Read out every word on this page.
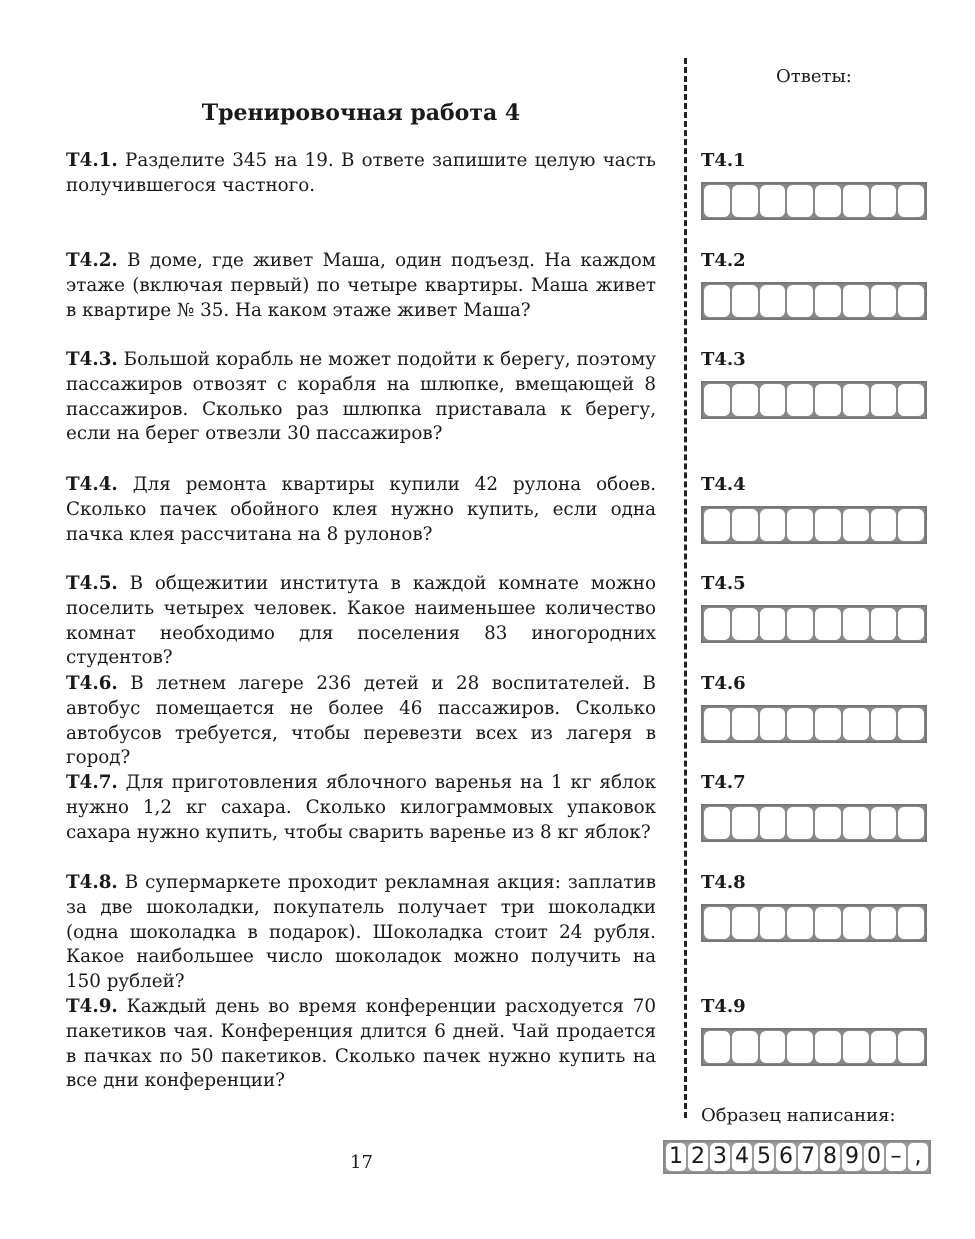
Тренировочная работа 4
T4.1. Разделите 345 на 19. В ответе запишите целую часть получившегося частного.
T4.2. В доме, где живет Маша, один подъезд. На каждом этаже (включая первый) по четыре квартиры. Маша живет в квартире № 35. На каком этаже живет Маша?
T4.3. Большой корабль не может подойти к берегу, поэтому пассажиров отвозят с корабля на шлюпке, вмещающей 8 пассажиров. Сколько раз шлюпка приставала к берегу, если на берег отвезли 30 пассажиров?
T4.4. Для ремонта квартиры купили 42 рулона обоев. Сколько пачек обойного клея нужно купить, если одна пачка клея рассчитана на 8 рулонов?
T4.5. В общежитии института в каждой комнате можно поселить четырех человек. Какое наименьшее количество комнат необходимо для поселения 83 иногородних студентов?
T4.6. В летнем лагере 236 детей и 28 воспитателей. В автобус помещается не более 46 пассажиров. Сколько автобусов требуется, чтобы перевезти всех из лагеря в город?
T4.7. Для приготовления яблочного варенья на 1 кг яблок нужно 1,2 кг сахара. Сколько килограммовых упаковок сахара нужно купить, чтобы сварить варенье из 8 кг яблок?
T4.8. В супермаркете проходит рекламная акция: заплатив за две шоколадки, покупатель получает три шоколадки (одна шоколадка в подарок). Шоколадка стоит 24 рубля. Какое наибольшее число шоколадок можно получить на 150 рублей?
T4.9. Каждый день во время конференции расходуется 70 пакетиков чая. Конференция длится 6 дней. Чай продается в пачках по 50 пакетиков. Сколько пачек нужно купить на все дни конференции?
Ответы:
T4.1
T4.2
T4.3
T4.4
T4.5
T4.6
T4.7
T4.8
T4.9
Образец написания:
1 2 3 4 5 6 7 8 9 0 – ,
17
